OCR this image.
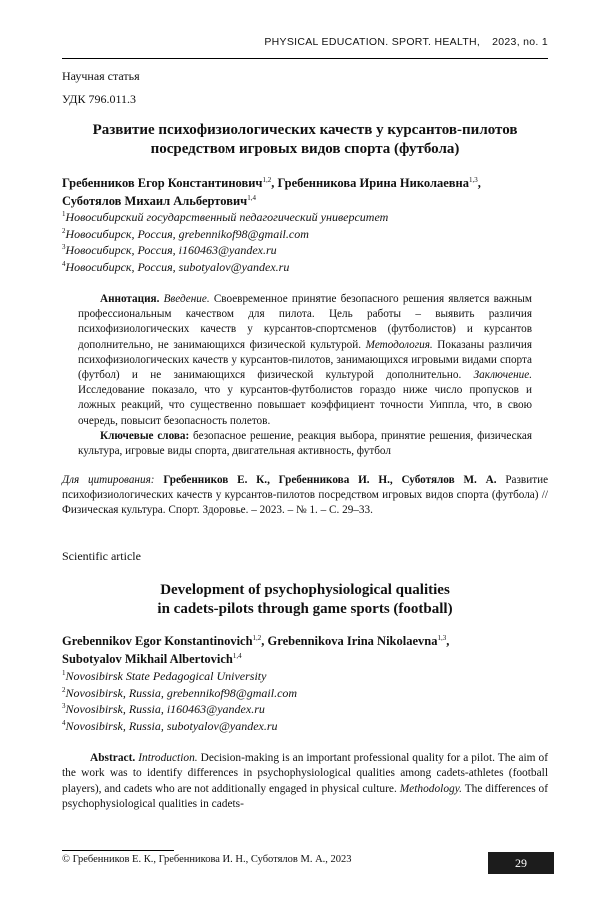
PHYSICAL EDUCATION. SPORT. HEALTH, 2023, no. 1
Научная статья
УДК 796.011.3
Развитие психофизиологических качеств у курсантов-пилотов
посредством игровых видов спорта (футбола)
Гребенников Егор Константинович$^{1,2}$, Гребенникова Ирина Николаевна$^{1,3}$,
Суботялов Михаил Альбертович$^{1,4}$
$^1$Новосибирский государственный педагогический университет
$^2$Новосибирск, Россия, grebennikof98@gmail.com
$^3$Новосибирск, Россия, i160463@yandex.ru
$^4$Новосибирск, Россия, subotyalov@yandex.ru

Аннотация. Введение. Своевременное принятие безопасного решения является важным профессиональным качеством для пилота. Цель работы – выявить различия психофизиологических качеств у курсантов-спортсменов (футболистов) и курсантов дополнительно, не занимающихся физической культурой. Методология. Показаны различия психофизиологических качеств у курсантов-пилотов, занимающихся игровыми видами спорта (футбол) и не занимающихся физической культурой дополнительно. Заключение. Исследование показало, что у курсантов-футболистов гораздо ниже число пропусков и ложных реакций, что существенно повышает коэффициент точности Уиппла, что, в свою очередь, повысит безопасность полетов.

Ключевые слова: безопасное решение, реакция выбора, принятие решения, физическая культура, игровые виды спорта, двигательная активность, футбол

Для цитирования: Гребенников Е. К., Гребенникова И. Н., Суботялов М. А. Развитие психофизиологических качеств у курсантов-пилотов посредством игровых видов спорта (футбола) // Физическая культура. Спорт. Здоровье. – 2023. – № 1. – С. 29–33.
Scientific article
Development of psychophysiological qualities
in cadets-pilots through game sports (football)
Grebennikov Egor Konstantinovich$^{1,2}$, Grebennikova Irina Nikolaevna$^{1,3}$,
Subotyalov Mikhail Albertovich$^{1,4}$
$^1$Novosibirsk State Pedagogical University
$^2$Novosibirsk, Russia, grebennikof98@gmail.com
$^3$Novosibirsk, Russia, i160463@yandex.ru
$^4$Novosibirsk, Russia, subotyalov@yandex.ru

Abstract. Introduction. Decision-making is an important professional quality for a pilot. The aim of the work was to identify differences in psychophysiological qualities among cadets-athletes (football players), and cadets who are not additionally engaged in physical culture. Methodology. The differences of psychophysiological qualities in cadets-

© Гребенников Е. К., Гребенникова И. Н., Суботялов М. А., 2023	29
